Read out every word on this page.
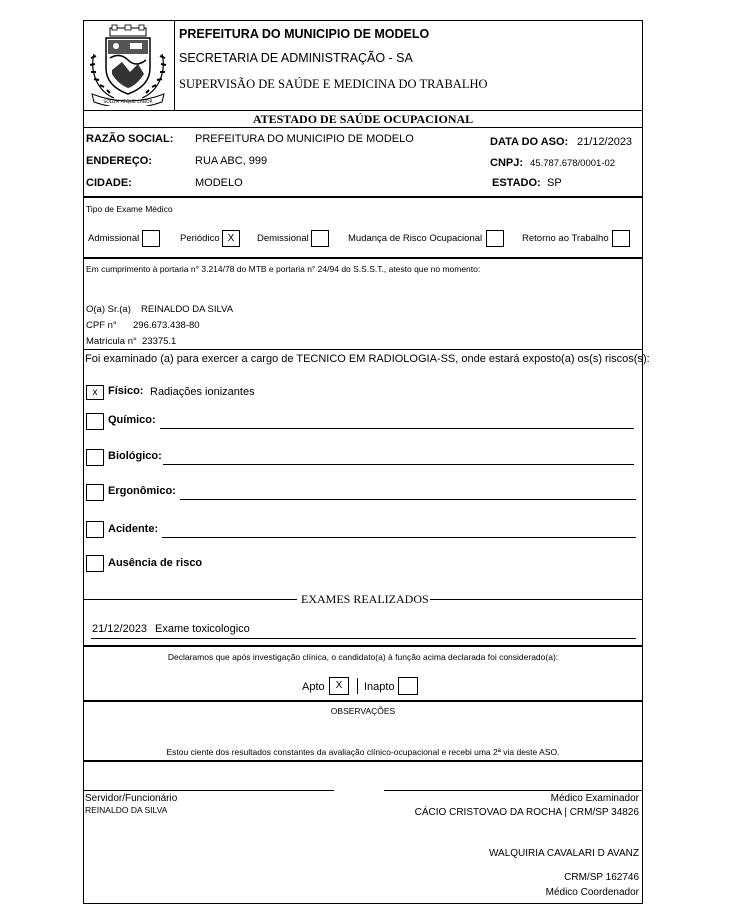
SOLUM ATQUE LABOR
PREFEITURA DO MUNICIPIO DE MODELO
SECRETARIA DE ADMINISTRAÇÃO - SA
SUPERVISÃO DE SAÚDE E MEDICINA DO TRABALHO
ATESTADO DE SAÚDE OCUPACIONAL
RAZÃO SOCIAL: PREFEITURA DO MUNICIPIO DE MODELO
ENDEREÇO:	RUA ABC, 999
CIDADE:	MODELO
DATA DO ASO: 21/12/2023
CNPJ: 45.787.678/0001-02
ESTADO: SP
Tipo de Exame Médico
Admissional	Periódico X	Demissional	Mudança de Risco Ocupacional	Retorno ao Trabalho
Em cumprimento à portaria n° 3.214/78 do MTB e portaria n° 24/94 do S.S.S.T., atesto que no momento:
O(a) Sr.(a) REINALDO DA SILVA
CPF n° 296.673.438-80
Matrícula n° 23375.1
Foi examinado (a) para exercer a cargo de TECNICO EM RADIOLOGIA-SS, onde estará exposto(a) os(s) riscos(s):
x Físico: Radiações ionizantes
Químico:
Biológico:
Ergonômico:
Acidente:
Ausência de risco
EXAMES REALIZADOS
21/12/2023 Exame toxicologico
Declaramos que após investigação clínica, o candidato(a) à função acima declarada foi considerado(a):
Apto	X	Inapto
OBSERVAÇÕES
Estou ciente dos resultados constantes da avaliação clínico-ocupacional e recebi uma 2ª via deste ASO.
Servidor/Funcionário
REINALDO DA SILVA
Médico Examinador
CÁCIO CRISTOVAO DA ROCHA | CRM/SP 34826
WALQUIRIA CAVALARI D AVANZ
CRM/SP 162746
Médico Coordenador
